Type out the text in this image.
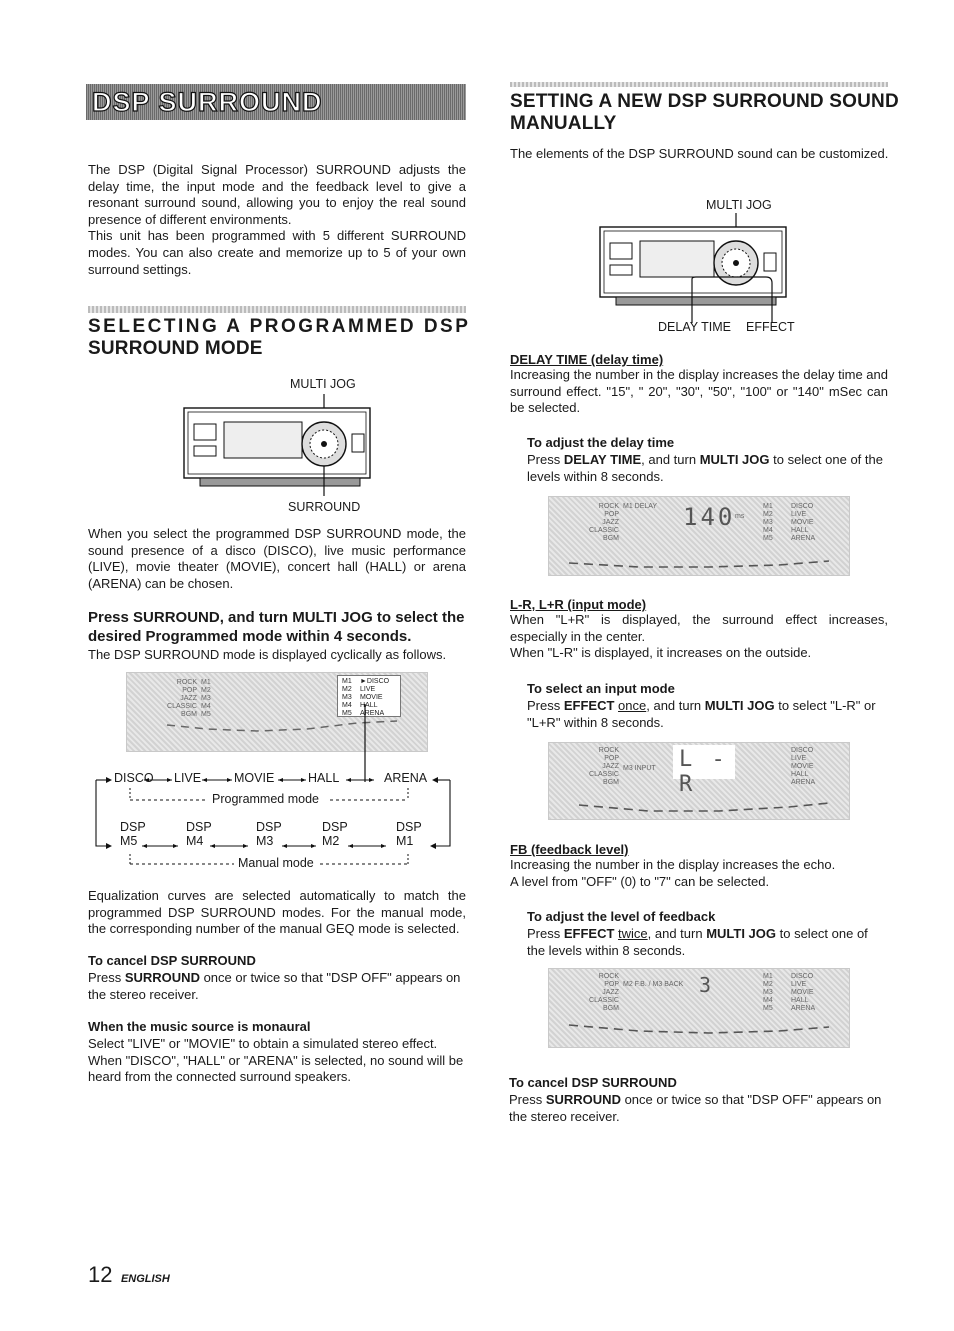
DSP SURROUND

The DSP (Digital Signal Processor) SURROUND adjusts the delay time, the input mode and the feedback level to give a resonant surround sound, allowing you to enjoy the real sound presence of different environments.

This unit has been programmed with 5 different SURROUND modes. You can also create and memorize up to 5 of your own surround settings.

SELECTING A PROGRAMMED DSP

SURROUND MODE

MULTI JOG
SURROUND

When you select the programmed DSP SURROUND mode, the sound presence of a disco (DISCO), live music performance (LIVE), movie theater (MOVIE), concert hall (HALL) or arena (ARENA) can be chosen.

Press SURROUND, and turn MULTI JOG to select the desired Programmed mode within 4 seconds.

The DSP SURROUND mode is displayed cyclically as follows.

ROCK
POP
JAZZ
CLASSIC
BGM
M1
M2
M3
M4
M5
M1
M2
M3
M4
M5
►DISCO
LIVE
MOVIE
HALL
ARENA
DISCO LIVE	MOVIE	HALL	ARENA
Programmed mode
DSP	DSP	DSP	DSP	DSP
M5	M4	M3	M2	M1
Manual mode

Equalization curves are selected automatically to match the programmed DSP SURROUND modes. For the manual mode, the corresponding number of the manual GEQ mode is selected.

To cancel DSP SURROUND

Press SURROUND once or twice so that "DSP OFF" appears on the stereo receiver.

When the music source is monaural

Select "LIVE" or "MOVIE" to obtain a simulated stereo effect. When "DISCO", "HALL" or "ARENA" is selected, no sound will be heard from the connected surround speakers.

12 ENGLISH

SETTING A NEW DSP SURROUND SOUND

MANUALLY

The elements of the DSP SURROUND sound can be customized.

MULTI JOG
DELAY TIME EFFECT

DELAY TIME (delay time)

Increasing the number in the display increases the delay time and surround effect. "15", " 20", "30", "50", "100" or "140" mSec can be selected.

To adjust the delay time

Press DELAY TIME, and turn MULTI JOG to select one of the levels within 8 seconds.

ROCK
POP
JAZZ
CLASSIC
BGM
M1 DELAY 140 ms
M1
M2
M3
M4
M5
DISCO
LIVE
MOVIE
HALL
ARENA

L-R, L+R (input mode)

When "L+R" is displayed, the surround effect increases, especially in the center.

When "L-R" is displayed, it increases on the outside.

To select an input mode

Press EFFECT once, and turn MULTI JOG to select "L-R" or "L+R" within 8 seconds.

ROCK
POP
JAZZ
CLASSIC
BGM
M3 INPUT L - R
DISCO
LIVE
MOVIE
HALL
ARENA

FB (feedback level)

Increasing the number in the display increases the echo.

A level from "OFF" (0) to "7" can be selected.

To adjust the level of feedback

Press EFFECT twice, and turn MULTI JOG to select one of the levels within 8 seconds.

ROCK
POP
JAZZ
CLASSIC
BGM
M2 F.B. / M3 BACK 3	M1
M2
M3
M4
M5
DISCO
LIVE
MOVIE
HALL
ARENA

To cancel DSP SURROUND

Press SURROUND once or twice so that "DSP OFF" appears on the stereo receiver.
